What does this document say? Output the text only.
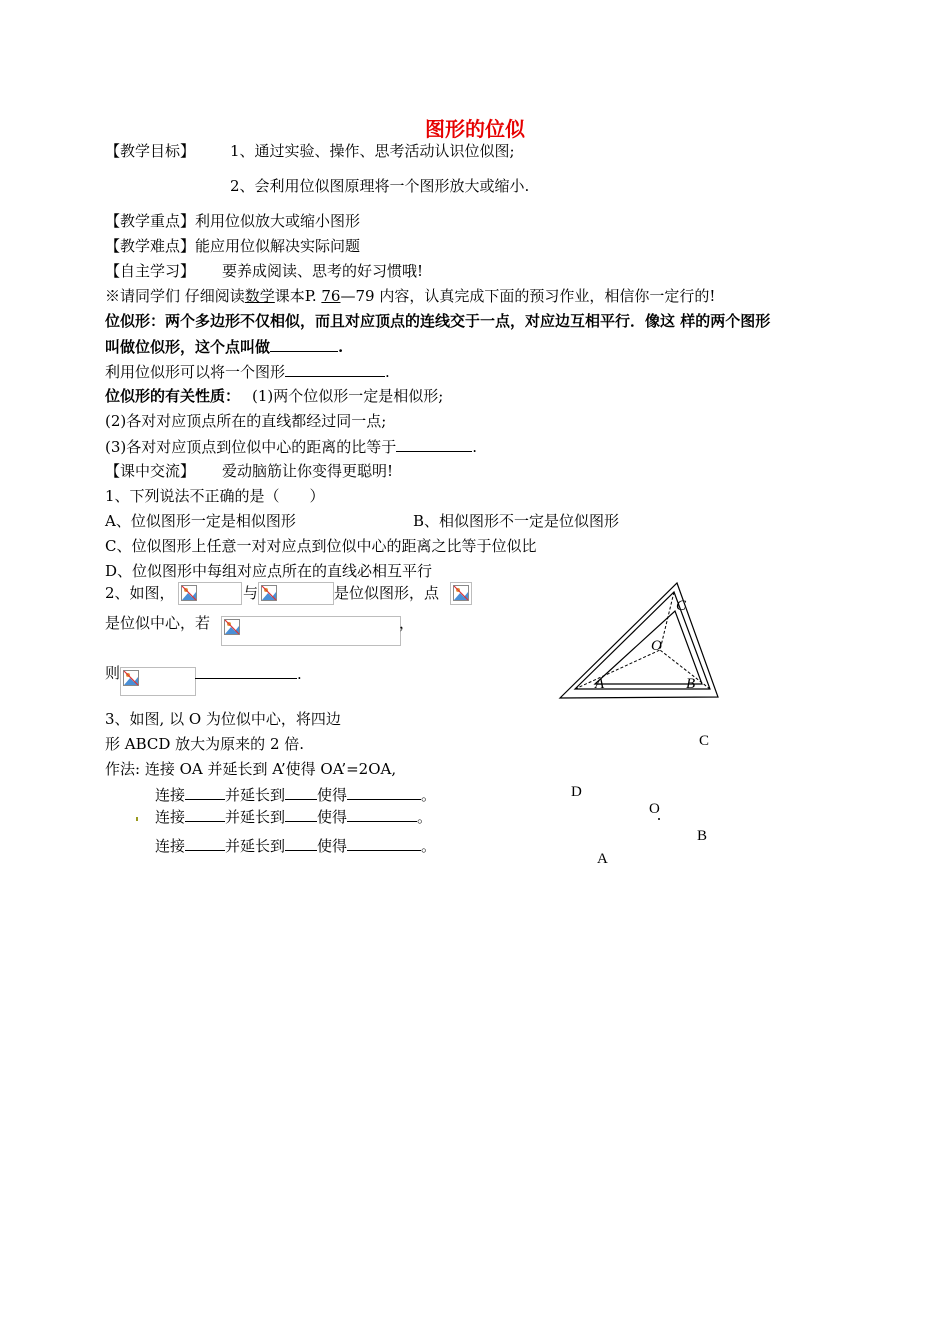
图形的位似
【教学目标】 1、通过实验、操作、思考活动认识位似图;
2、会利用位似图原理将一个图形放大或缩小.
【教学重点】利用位似放大或缩小图形
【教学难点】能应用位似解决实际问题
【自主学习】 要养成阅读、思考的好习惯哦!
※请同学们 仔细阅读数学课本P. 76—79 内容，认真完成下面的预习作业，相信你一定行的!
位似形：两个多边形不仅相似，而且对应顶点的连线交于一点，对应边互相平行．像这 样的两个图形
叫做位似形，这个点叫做	.
利用位似形可以将一个图形	.
位似形的有关性质： (1)两个位似形一定是相似形;
(2)各对对应顶点所在的直线都经过同一点;
(3)各对对应顶点到位似中心的距离的比等于	.
【课中交流】 爱动脑筋让你变得更聪明!
1、下列说法不正确的是（　　）
A、位似图形一定是相似图形	B、相似图形不一定是位似图形
C、位似图形上任意一对对应点到位似中心的距离之比等于位似比
D、位似图形中每组对应点所在的直线必相互平行
2、如图，	与	是位似图形，点
是位似中心，若	，
则	.
C
O
A	B
3、如图, 以 O 为位似中心，将四边
形 ABCD 放大为原来的 2 倍.
作法: 连接 OA 并延长到 A’使得 OA’=2OA,
连接	并延长到 使得	。
连接	并延长到 使得	。
连接	并延长到 使得	。
C
D
O
B
A
